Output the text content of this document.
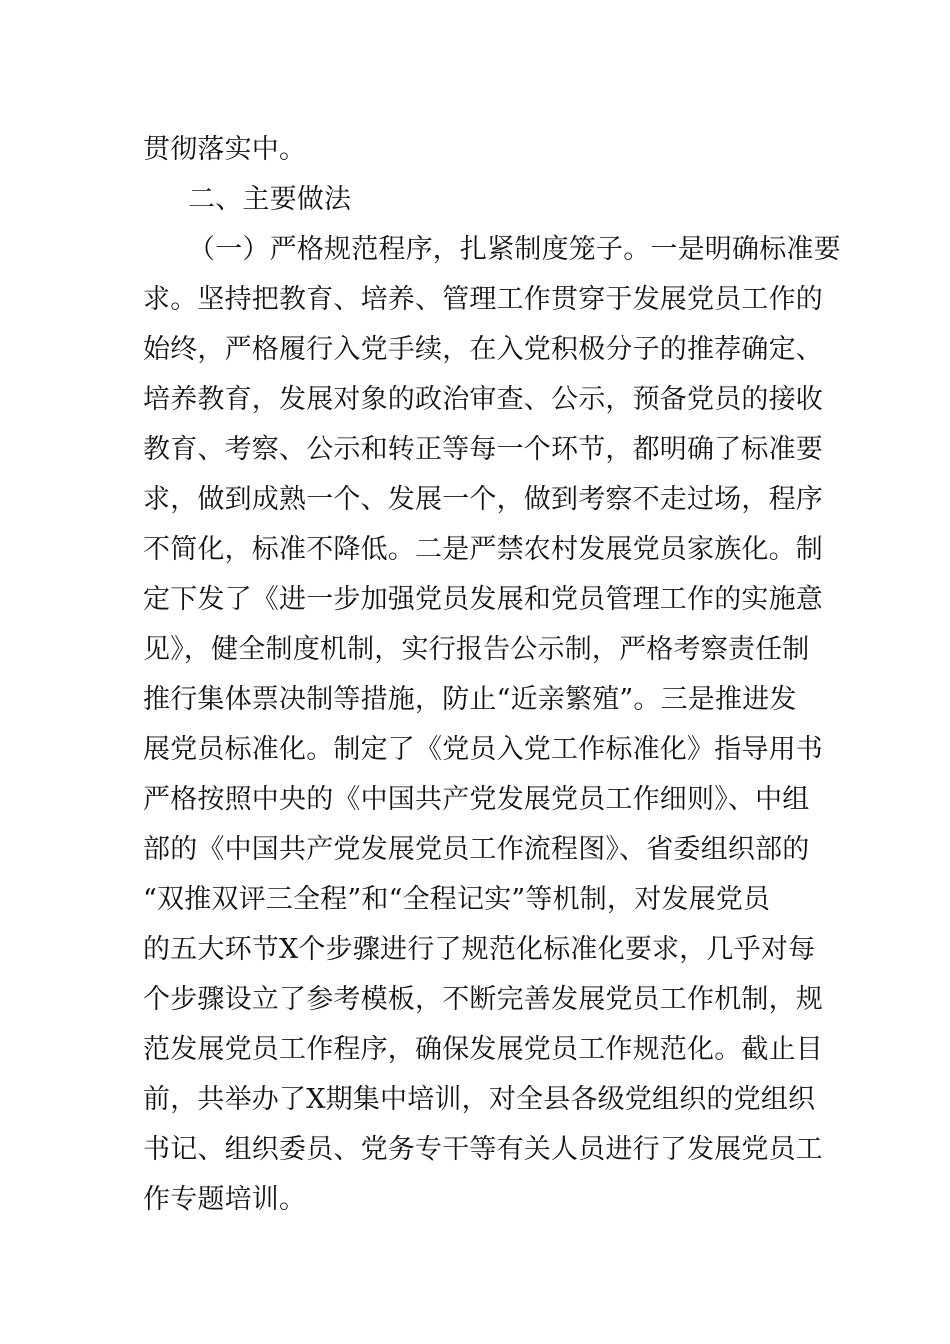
贯彻落实中。
二、主要做法
（一）严格规范程序，扎紧制度笼子。一是明确标准要
求。坚持把教育、培养、管理工作贯穿于发展党员工作的
始终，严格履行入党手续，在入党积极分子的推荐确定、
培养教育，发展对象的政治审查、公示，预备党员的接收
教育、考察、公示和转正等每一个环节，都明确了标准要
求，做到成熟一个、发展一个，做到考察不走过场，程序
不简化，标准不降低。二是严禁农村发展党员家族化。制
定下发了《进一步加强党员发展和党员管理工作的实施意
见》，健全制度机制，实行报告公示制，严格考察责任制
推行集体票决制等措施，防止“近亲繁殖”。三是推进发
展党员标准化。制定了《党员入党工作标准化》指导用书
严格按照中央的《中国共产党发展党员工作细则》、中组
部的《中国共产党发展党员工作流程图》、省委组织部的
“双推双评三全程”和“全程记实”等机制，对发展党员
的五大环节X个步骤进行了规范化标准化要求，几乎对每
个步骤设立了参考模板，不断完善发展党员工作机制，规
范发展党员工作程序，确保发展党员工作规范化。截止目
前，共举办了X期集中培训，对全县各级党组织的党组织
书记、组织委员、党务专干等有关人员进行了发展党员工
作专题培训。
